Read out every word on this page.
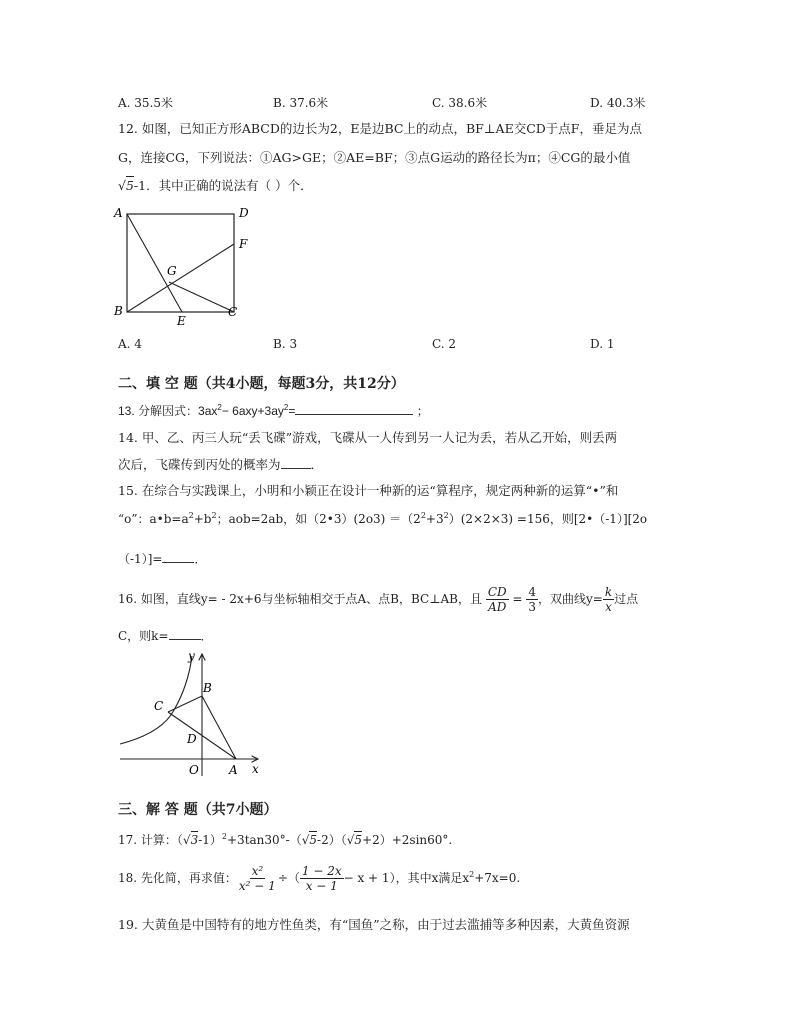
A. 35.5米	B. 37.6米	C. 38.6米	D. 40.3米
12. 如图，已知正方形ABCD的边长为2，E是边BC上的动点，BF⊥AE交CD于点F，垂足为点
G，连接CG，下列说法：①AG>GE；②AE=BF；③点G运动的路径长为π；④CG的最小值
√5-1．其中正确的说法有（ ）个．
A	D
F
G
B	C
E
A. 4	B. 3	C. 2	D. 1
二、填 空 题（共4小题，每题3分，共12分）
13. 分解因式：$3ax^2- 6axy+3ay^2=$	；
14. 甲、乙、丙三人玩“丢飞碟”游戏，飞碟从一人传到另一人记为丢，若从乙开始，则丢两
次后，飞碟传到丙处的概率为 ．
15. 在综合与实践课上，小明和小颖正在设计一种新的运“算程序，规定两种新的运算“•”和
“o”：$a•b=a^2+b^2$；aob=2ab，如（2•3）(2o3) $=(2^2+3^2)(2\times 2\times 3) =156$，则[2•（-1）][2o
（-1）]=	．
16. 如图，直线y= - 2x+6与坐标轴相交于点A、点B，BC⊥AB，且 $\frac{CD}{AD} = \frac{4}{3}$ ，双曲线$y= \frac{k}{x}$ 过点
C，则k=	．
y
x
O	A
B
C
D
三、解 答 题（共7小题）
17. 计算：$(√3-1)^2+3\tan 30^\circ-(√5-2)(√5+2)+2\sin 60^\circ$.
18. 先化简，再求值： $\frac{\text{x²}}{\text{x² − 1}}$ ÷（ $\frac{1 - 2x}{x - 1} - x + 1$），其中x满足$x^2+7x=0$.
19. 大黄鱼是中国特有的地方性鱼类，有“国鱼”之称，由于过去滥捕等多种因素，大黄鱼资源
